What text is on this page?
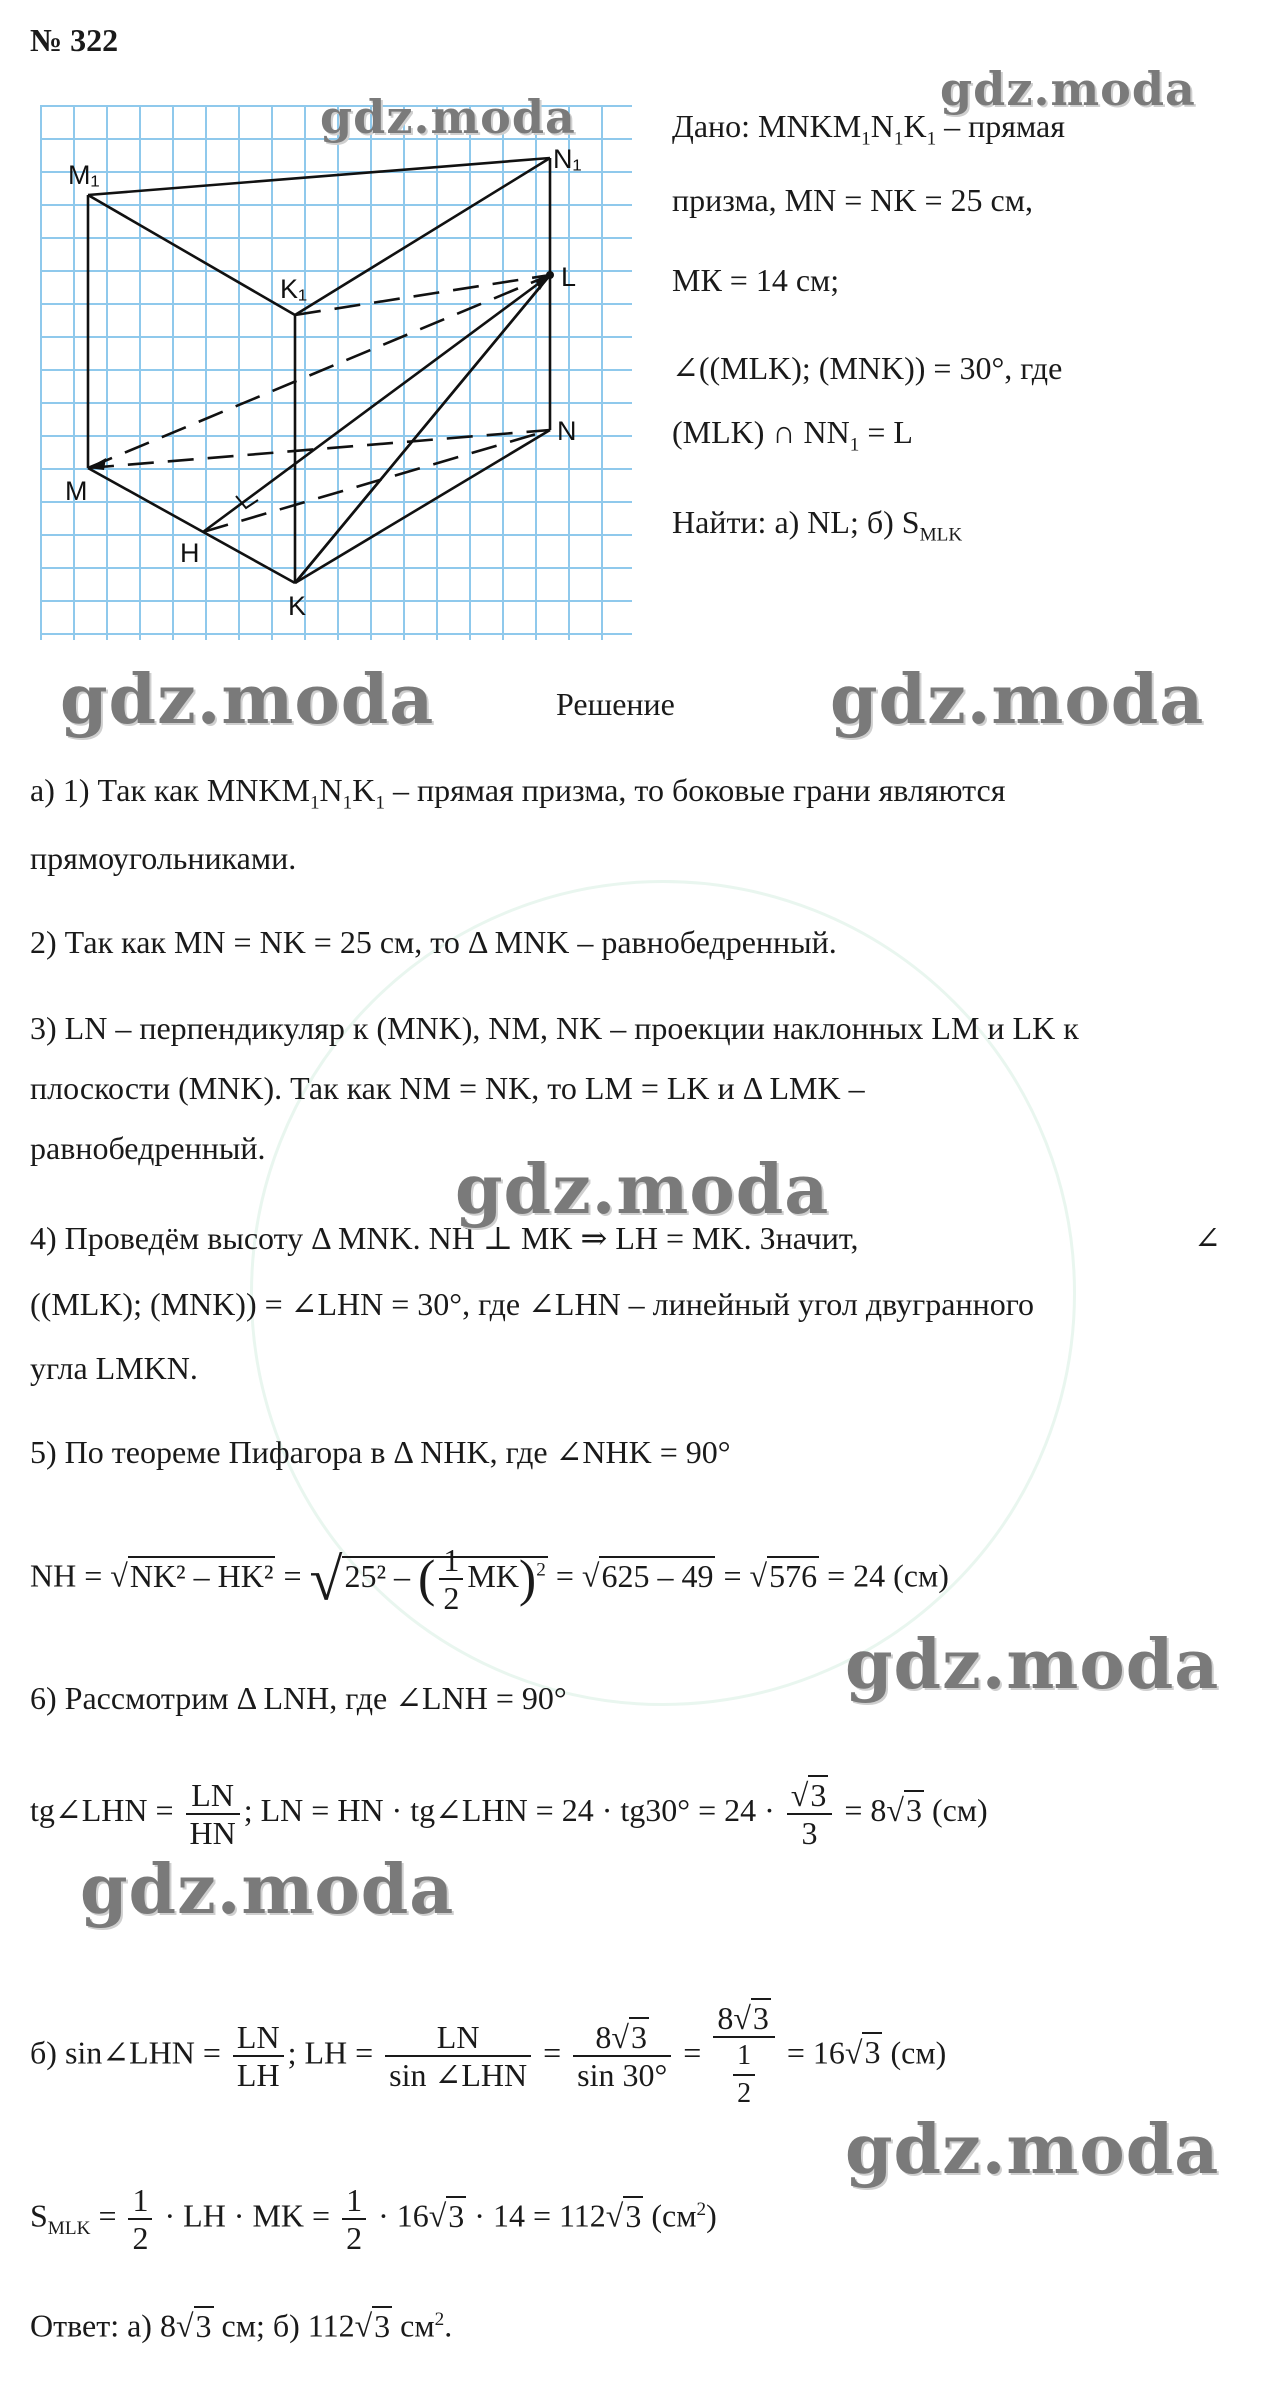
№ 322
M₁
N₁
K₁	L
N
M
H
K
Дано: $MNKM_1N_1K_1$ – прямая
призма, MN = NK = 25 см,
МК = 14 см;
∠((MLK); (MNK)) = 30°, где
(MLK) ∩ $NN_1 = L$
Найти: а) NL; б) $S_{MLK}$
Решение
а) 1) Так как $MNKM_1N_1K_1$ – прямая призма, то боковые грани являются
прямоугольниками.
2) Так как MN = NK = 25 см, то Δ MNK – равнобедренный.
3) LN – перпендикуляр к (MNK), NM, NK – проекции наклонных LM и LK к
плоскости (MNK). Так как NM = NK, то LM = LK и Δ LMK –
равнобедренный.
4) Проведём высоту Δ MNK. NH ⊥ MK ⇒ LH = MK. Значит,	∠
((MLK); (MNK)) = ∠LHN = 30°, где ∠LHN – линейный угол двугранного
угла LMKN.
5) По теореме Пифагора в Δ NHK, где ∠NHK = 90°
NH = √NK² – HK² = √25² – ( $\frac{1}{2} MK)^2 = √625 - 49 = √576 = 24$ (см)
6) Рассмотрим Δ LNH, где ∠LNH = 90°
tg∠LHN = $\frac{LN}{HN}$ ; LN = HN · tg∠LHN = $24 \cdot tg30^\circ = 24 \cdot \frac{√3}{3} = 8√3$ (см)
б) sin∠LHN = $\frac{LN}{LH}$ ; LH = $\frac{LN}{\text{sin ∠LHN}} = \frac{8√3}{\sin 30^\circ} = \frac{8√3}{\frac{1}{2}} = 16√3$ (см)
$S_{MLK} = \frac{1}{2}$ · LH · MK = $\frac{1}{2} \cdot 16√3 \cdot 14 = 112√3$ $(см^2)$
Ответ: а) 8√3 см; б) 112√3 $см^2$.
gdz.moda
gdz.moda
gdz.moda	gdz.moda
gdz.moda
gdz.moda
gdz.moda
gdz.moda
